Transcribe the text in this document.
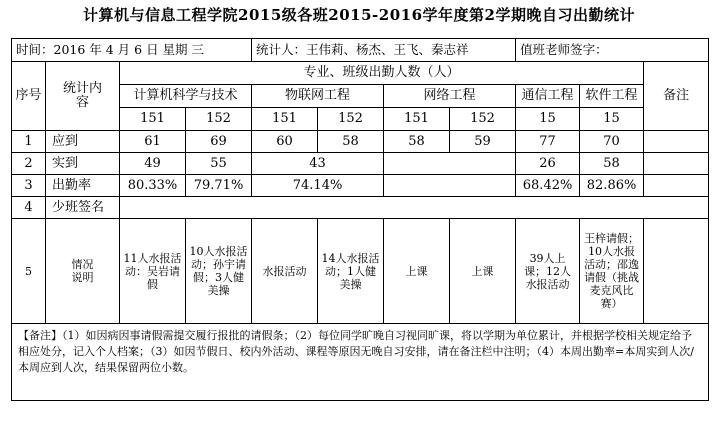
计算机与信息工程学院2015级各班2015-2016学年度第2学期晚自习出勤统计
时间：2016 年 4 月 6 日 星期 三				统计人：王伟莉、杨杰、王飞、秦志祥				值班老师签字：		
序号	统计内容	专业、班级出勤人数（人）								备注
		计算机科学与技术		物联网工程		网络工程		通信工程	软件工程	
		151	152	151	152	151	152	15	15	
1	应到	61	69	60	58	58	59	77	70	
2	实到	49	55	43				26	58	
3	出勤率	80.33%	79.71%	74.14%				68.42%	82.86%	
4	少班签名									
5	情况说明	11人水报活动：吴岩请假	10人水报活动；孙宇请假；3人健美操	水报活动	14人水报活动；1人健美操	上课	上课	39人上课；12人水报活动	王梓请假；10人水报活动；邵逸请假（挑战麦克风比赛）	
【备注】（1）如因病因事请假需提交履行报批的请假条；（2）每位同学旷晚自习视同旷课，将以学期为单位累计，并根据学校相关规定给予相应处分，记入个人档案；（3）如因节假日、校内外活动、课程等原因无晚自习安排，请在备注栏中注明；（4）本周出勤率=本周实到人次/本周应到人次，结果保留两位小数。										
